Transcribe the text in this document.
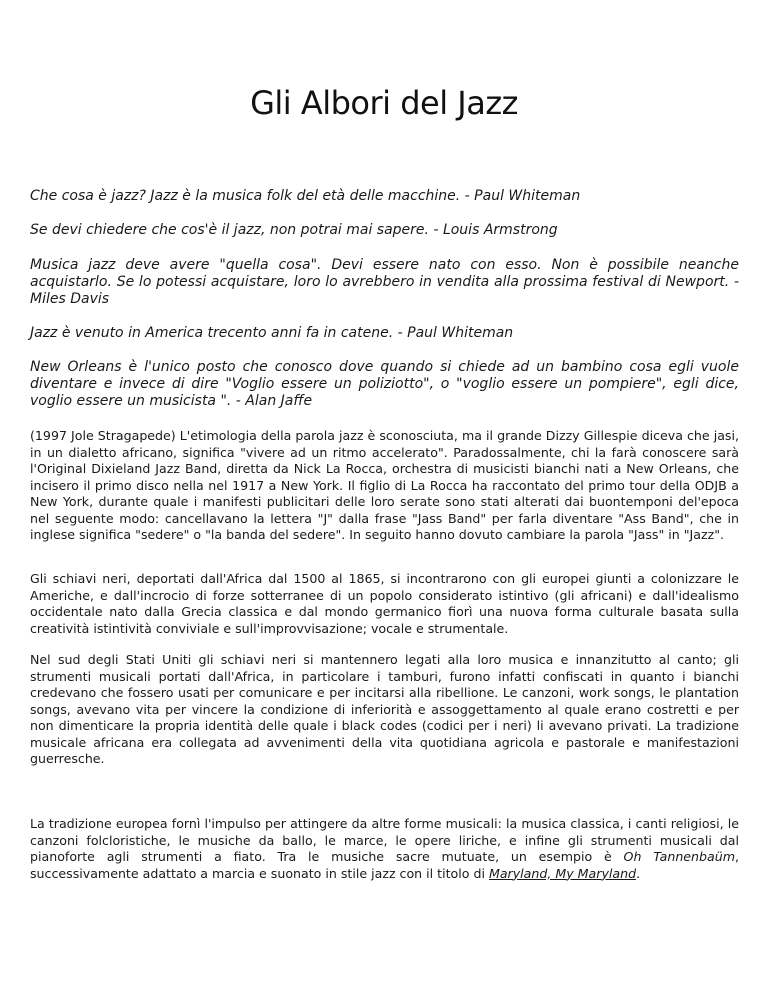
Gli Albori del Jazz

Che cosa è jazz? Jazz è la musica folk del età delle macchine. - Paul Whiteman

Se devi chiedere che cos'è il jazz, non potrai mai sapere. - Louis Armstrong

Musica jazz deve avere "quella cosa". Devi essere nato con esso. Non è possibile neanche acquistarlo. Se lo potessi acquistare, loro lo avrebbero in vendita alla prossima festival di Newport. - Miles Davis

Jazz è venuto in America trecento anni fa in catene. - Paul Whiteman

New Orleans è l'unico posto che conosco dove quando si chiede ad un bambino cosa egli vuole diventare e invece di dire "Voglio essere un poliziotto", o "voglio essere un pompiere", egli dice, voglio essere un musicista ". - Alan Jaffe

(1997 Jole Stragapede) L'etimologia della parola jazz è sconosciuta, ma il grande Dizzy Gillespie diceva che jasi, in un dialetto africano, significa "vivere ad un ritmo accelerato". Paradossalmente, chi la farà conoscere sarà l'Original Dixieland Jazz Band, diretta da Nick La Rocca, orchestra di musicisti bianchi nati a New Orleans, che incisero il primo disco nella nel 1917 a New York. Il figlio di La Rocca ha raccontato del primo tour della ODJB a New York, durante quale i manifesti publicitari delle loro serate sono stati alterati dai buontemponi del'epoca nel seguente modo: cancellavano la lettera "J" dalla frase "Jass Band" per farla diventare "Ass Band", che in inglese significa "sedere" o "la banda del sedere". In seguito hanno dovuto cambiare la parola "Jass" in "Jazz".

Gli schiavi neri, deportati dall'Africa dal 1500 al 1865, si incontrarono con gli europei giunti a colonizzare le Americhe, e dall'incrocio di forze sotterranee di un popolo considerato istintivo (gli africani) e dall'idealismo occidentale nato dalla Grecia classica e dal mondo germanico fiorì una nuova forma culturale basata sulla creatività istintività conviviale e sull'improvvisazione; vocale e strumentale.

Nel sud degli Stati Uniti gli schiavi neri si mantennero legati alla loro musica e innanzitutto al canto; gli strumenti musicali portati dall'Africa, in particolare i tamburi, furono infatti confiscati in quanto i bianchi credevano che fossero usati per comunicare e per incitarsi alla ribellione. Le canzoni, work songs, le plantation songs, avevano vita per vincere la condizione di inferiorità e assoggettamento al quale erano costretti e per non dimenticare la propria identità delle quale i black codes (codici per i neri) li avevano privati. La tradizione musicale africana era collegata ad avvenimenti della vita quotidiana agricola e pastorale e manifestazioni guerresche.

La tradizione europea fornì l'impulso per attingere da altre forme musicali: la musica classica, i canti religiosi, le canzoni folcloristiche, le musiche da ballo, le marce, le opere liriche, e infine gli strumenti musicali dal pianoforte agli strumenti a fiato. Tra le musiche sacre mutuate, un esempio è Oh Tannenbaüm, successivamente adattato a marcia e suonato in stile jazz con il titolo di Maryland, My Maryland.
